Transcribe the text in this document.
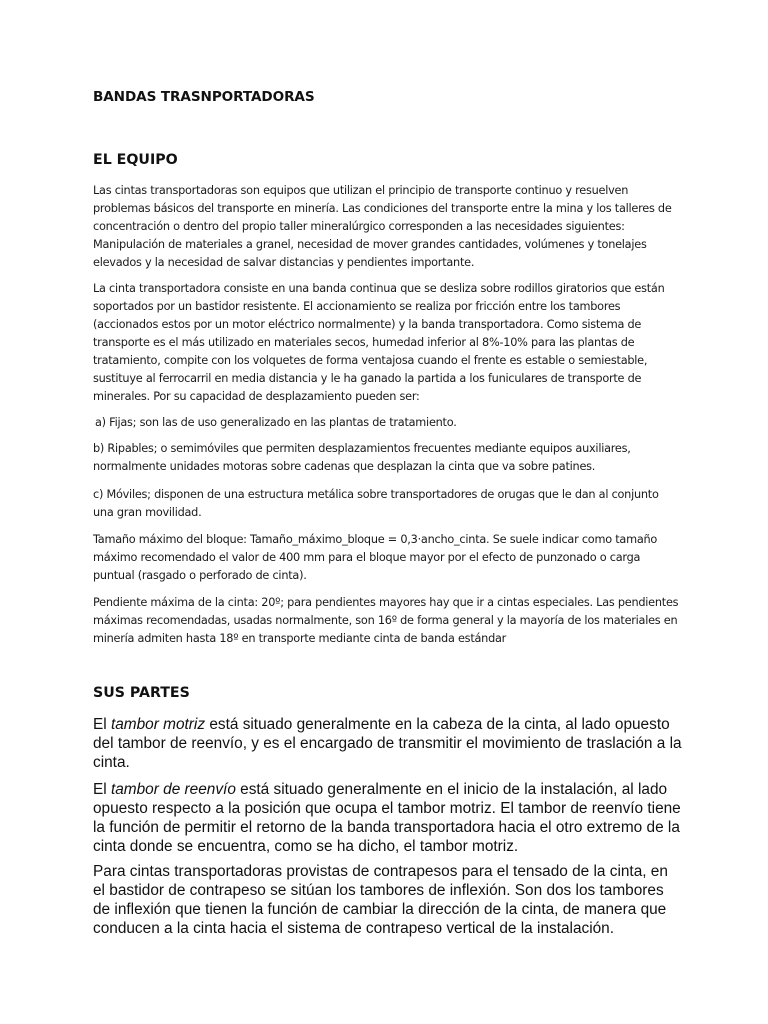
BANDAS TRASNPORTADORAS
EL EQUIPO

Las cintas transportadoras son equipos que utilizan el principio de transporte continuo y resuelven problemas básicos del transporte en minería. Las condiciones del transporte entre la mina y los talleres de concentración o dentro del propio taller mineralúrgico corresponden a las necesidades siguientes: Manipulación de materiales a granel, necesidad de mover grandes cantidades, volúmenes y tonelajes elevados y la necesidad de salvar distancias y pendientes importante.

La cinta transportadora consiste en una banda continua que se desliza sobre rodillos giratorios que están soportados por un bastidor resistente. El accionamiento se realiza por fricción entre los tambores (accionados estos por un motor eléctrico normalmente) y la banda transportadora. Como sistema de transporte es el más utilizado en materiales secos, humedad inferior al 8%-10% para las plantas de tratamiento, compite con los volquetes de forma ventajosa cuando el frente es estable o semiestable, sustituye al ferrocarril en media distancia y le ha ganado la partida a los funiculares de transporte de minerales. Por su capacidad de desplazamiento pueden ser:

a) Fijas; son las de uso generalizado en las plantas de tratamiento.

b) Ripables; o semimóviles que permiten desplazamientos frecuentes mediante equipos auxiliares, normalmente unidades motoras sobre cadenas que desplazan la cinta que va sobre patines.

c) Móviles; disponen de una estructura metálica sobre transportadores de orugas que le dan al conjunto una gran movilidad.

Tamaño máximo del bloque: Tamaño_máximo_bloque = 0,3·ancho_cinta. Se suele indicar como tamaño máximo recomendado el valor de 400 mm para el bloque mayor por el efecto de punzonado o carga puntual (rasgado o perforado de cinta).

Pendiente máxima de la cinta: 20º; para pendientes mayores hay que ir a cintas especiales. Las pendientes máximas recomendadas, usadas normalmente, son 16º de forma general y la mayoría de los materiales en minería admiten hasta 18º en transporte mediante cinta de banda estándar

SUS PARTES

El tambor motriz está situado generalmente en la cabeza de la cinta, al lado opuesto del tambor de reenvío, y es el encargado de transmitir el movimiento de traslación a la cinta.

El tambor de reenvío está situado generalmente en el inicio de la instalación, al lado opuesto respecto a la posición que ocupa el tambor motriz. El tambor de reenvío tiene la función de permitir el retorno de la banda transportadora hacia el otro extremo de la cinta donde se encuentra, como se ha dicho, el tambor motriz.

Para cintas transportadoras provistas de contrapesos para el tensado de la cinta, en el bastidor de contrapeso se sitúan los tambores de inflexión. Son dos los tambores de inflexión que tienen la función de cambiar la dirección de la cinta, de manera que conducen a la cinta hacia el sistema de contrapeso vertical de la instalación.
